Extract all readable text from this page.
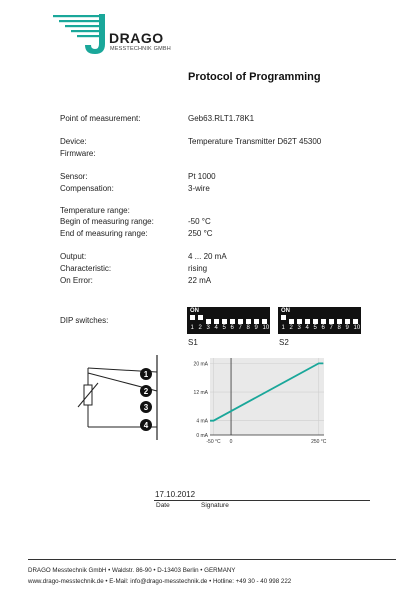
DRAGO
MESSTECHNIK GMBH
Protocol of Programming
Point of measurement:	Geb63.RLT1.78K1
Device:	Temperature Transmitter D62T 45300
Firmware:
Sensor:	Pt 1000
Compensation:	3-wire
Temperature range:
Begin of measuring range:	-50 °C
End of measuring range:	250 °C
Output:	4 ... 20 mA
Characteristic:	rising
On Error:	22 mA
DIP switches:
ON
1 2 3 4 5 6 7 8 9 10
S1
ON
1 2 3 4 5 6 7 8 9 10
S2
1
2
3
4
0 mA
4 mA
12 mA
20 mA
-50 °C 0	250 °C
17.10.2012
Date	Signature
DRAGO Messtechnik GmbH • Waldstr. 86-90 • D-13403 Berlin • GERMANY
www.drago-messtechnik.de • E-Mail: info@drago-messtechnik.de • Hotline: +49 30 - 40 998 222
